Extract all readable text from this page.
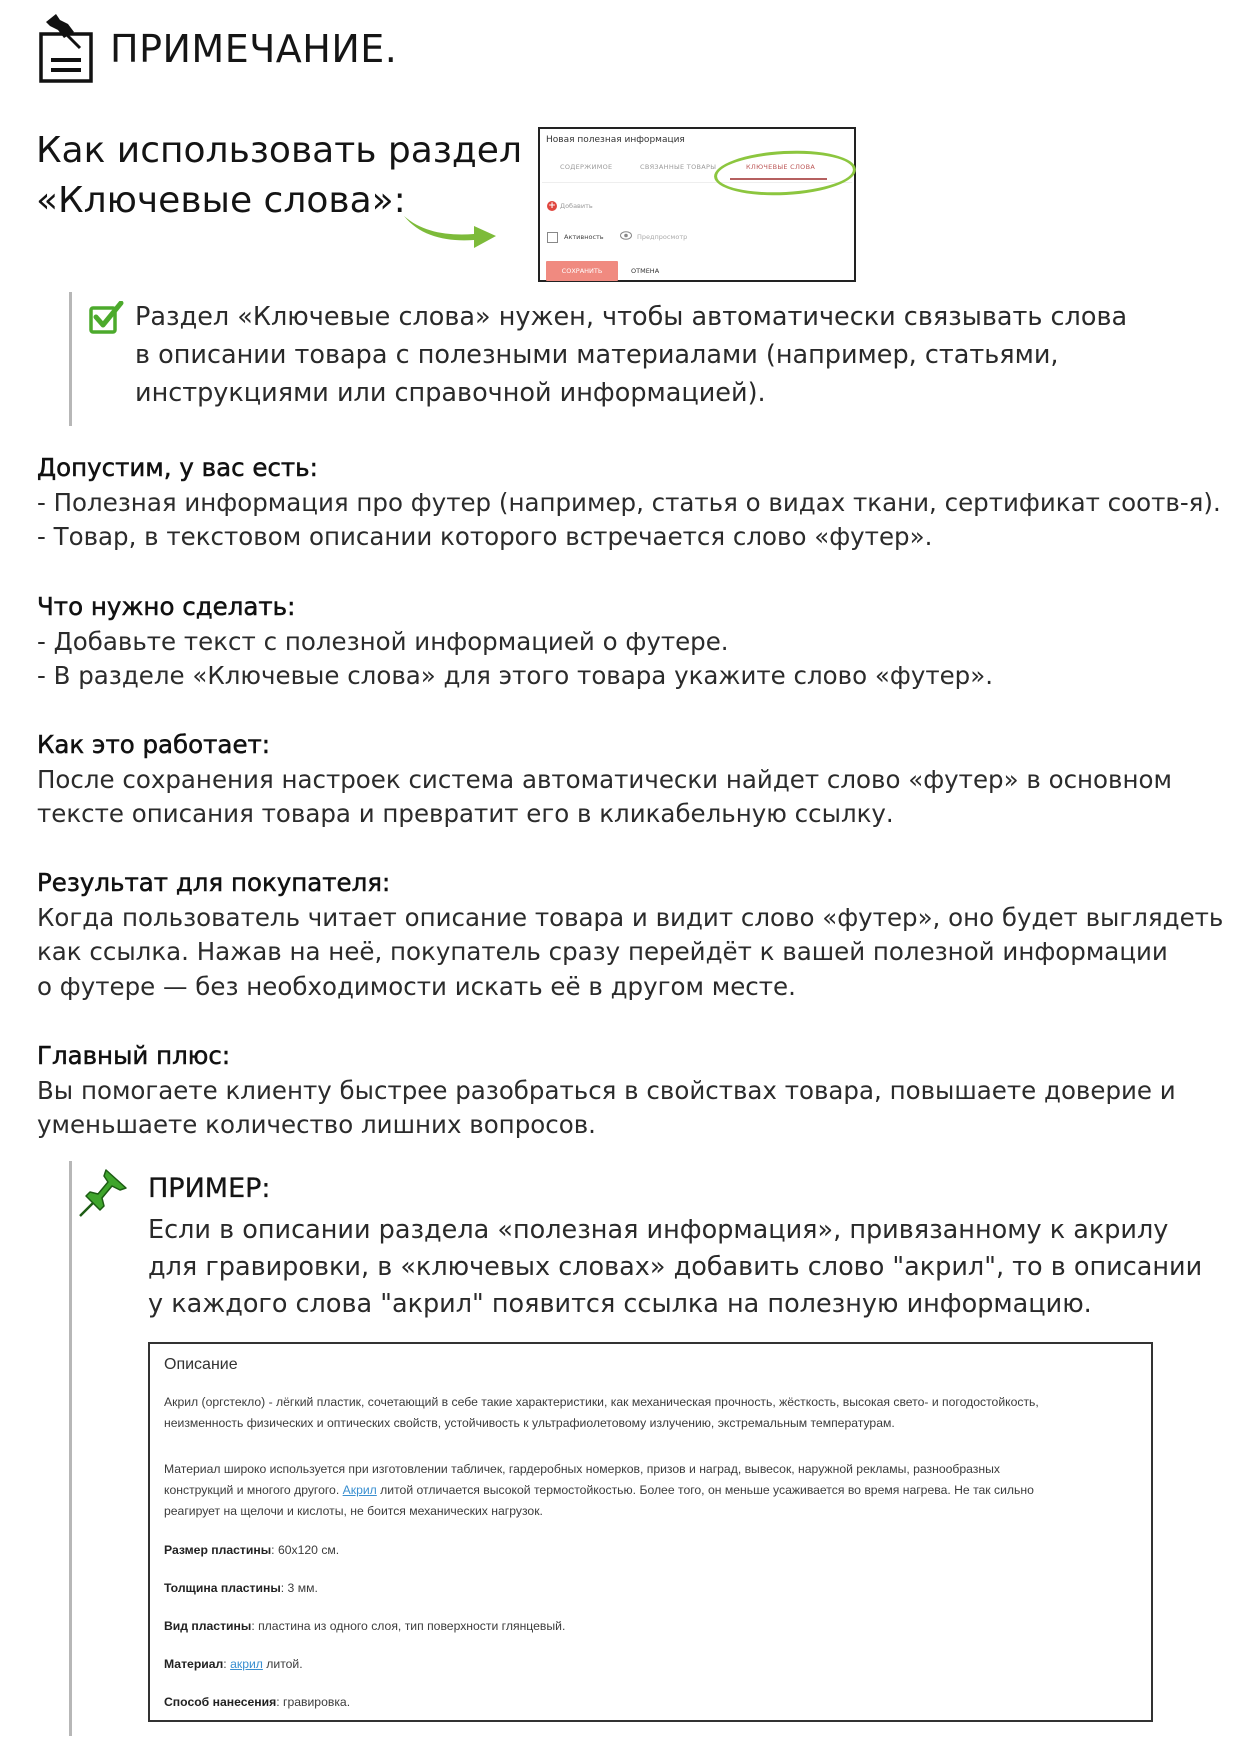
ПРИМЕЧАНИЕ.
Как использовать раздел
«Ключевые слова»:
Новая полезная информация
СОДЕРЖИМОЕ	СВЯЗАННЫЕ ТОВАРЫ	КЛЮЧЕВЫЕ СЛОВА
+ Добавить
Активность	Предпросмотр
СОХРАНИТЬ	ОТМЕНА
Раздел «Ключевые слова» нужен, чтобы автоматически связывать слова
в описании товара с полезными материалами (например, статьями,
инструкциями или справочной информацией).
Допустим, у вас есть:
- Полезная информация про футер (например, статья о видах ткани, сертификат соотв-я).
- Товар, в текстовом описании которого встречается слово «футер».
Что нужно сделать:
- Добавьте текст с полезной информацией о футере.
- В разделе «Ключевые слова» для этого товара укажите слово «футер».
Как это работает:
После сохранения настроек система автоматически найдет слово «футер» в основном
тексте описания товара и превратит его в кликабельную ссылку.
Результат для покупателя:
Когда пользователь читает описание товара и видит слово «футер», оно будет выглядеть
как ссылка. Нажав на неё, покупатель сразу перейдёт к вашей полезной информации
о футере — без необходимости искать её в другом месте.
Главный плюс:
Вы помогаете клиенту быстрее разобраться в свойствах товара, повышаете доверие и
уменьшаете количество лишних вопросов.
ПРИМЕР:
Если в описании раздела «полезная информация», привязанному к акрилу
для гравировки, в «ключевых словах» добавить слово "акрил", то в описании
у каждого слова "акрил" появится ссылка на полезную информацию.
Описание
Акрил (оргстекло) - лёгкий пластик, сочетающий в себе такие характеристики, как механическая прочность, жёсткость, высокая свето- и погодостойкость,
неизменность физических и оптических свойств, устойчивость к ультрафиолетовому излучению, экстремальным температурам.
Материал широко используется при изготовлении табличек, гардеробных номерков, призов и наград, вывесок, наружной рекламы, разнообразных
конструкций и многого другого. Акрил литой отличается высокой термостойкостью. Более того, он меньше усаживается во время нагрева. Не так сильно
реагирует на щелочи и кислоты, не боится механических нагрузок.
Размер пластины: 60x120 см.
Толщина пластины: 3 мм.
Вид пластины: пластина из одного слоя, тип поверхности глянцевый.
Материал: акрил литой.
Способ нанесения: гравировка.
